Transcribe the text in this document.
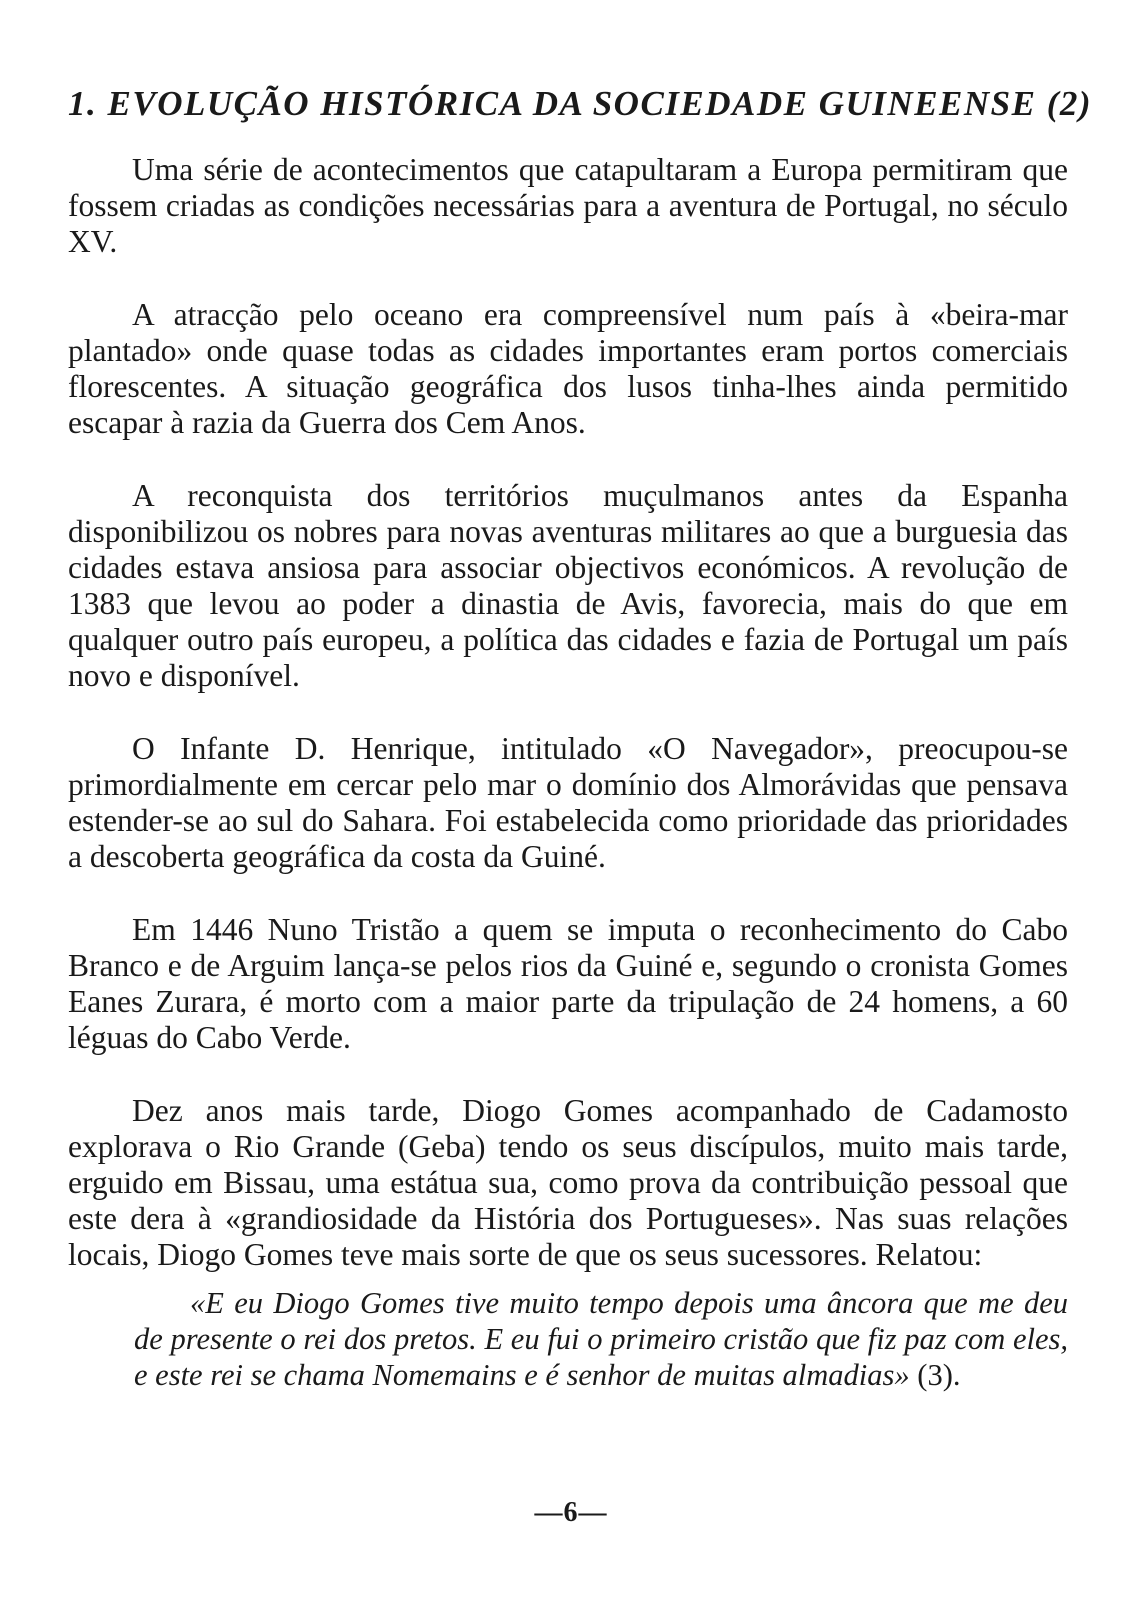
1. EVOLUÇÃO HISTÓRICA DA SOCIEDADE GUINEENSE (2)

Uma série de acontecimentos que catapultaram a Europa permitiram que fossem criadas as condições necessárias para a aventura de Portugal, no século XV.

A atracção pelo oceano era compreensível num país à «beira-mar plantado» onde quase todas as cidades importantes eram portos comerciais florescentes. A situação geográfica dos lusos tinha-lhes ainda permitido escapar à razia da Guerra dos Cem Anos.

A reconquista dos territórios muçulmanos antes da Espanha disponibilizou os nobres para novas aventuras militares ao que a burguesia das cidades estava ansiosa para associar objectivos económicos. A revolução de 1383 que levou ao poder a dinastia de Avis, favorecia, mais do que em qualquer outro país europeu, a política das cidades e fazia de Portugal um país novo e disponível.

O Infante D. Henrique, intitulado «O Navegador», preocupou-se primordialmente em cercar pelo mar o domínio dos Almorávidas que pensava estender-se ao sul do Sahara. Foi estabelecida como prioridade das prioridades a descoberta geográfica da costa da Guiné.

Em 1446 Nuno Tristão a quem se imputa o reconhecimento do Cabo Branco e de Arguim lança-se pelos rios da Guiné e, segundo o cronista Gomes Eanes Zurara, é morto com a maior parte da tripulação de 24 homens, a 60 léguas do Cabo Verde.

Dez anos mais tarde, Diogo Gomes acompanhado de Cadamosto explorava o Rio Grande (Geba) tendo os seus discípulos, muito mais tarde, erguido em Bissau, uma estátua sua, como prova da contribuição pessoal que este dera à «grandiosidade da História dos Portugueses». Nas suas relações locais, Diogo Gomes teve mais sorte de que os seus sucessores. Relatou:

«E eu Diogo Gomes tive muito tempo depois uma âncora que me deu de presente o rei dos pretos. E eu fui o primeiro cristão que fiz paz com eles, e este rei se chama Nomemains e é senhor de muitas almadias» (3).

—6—
